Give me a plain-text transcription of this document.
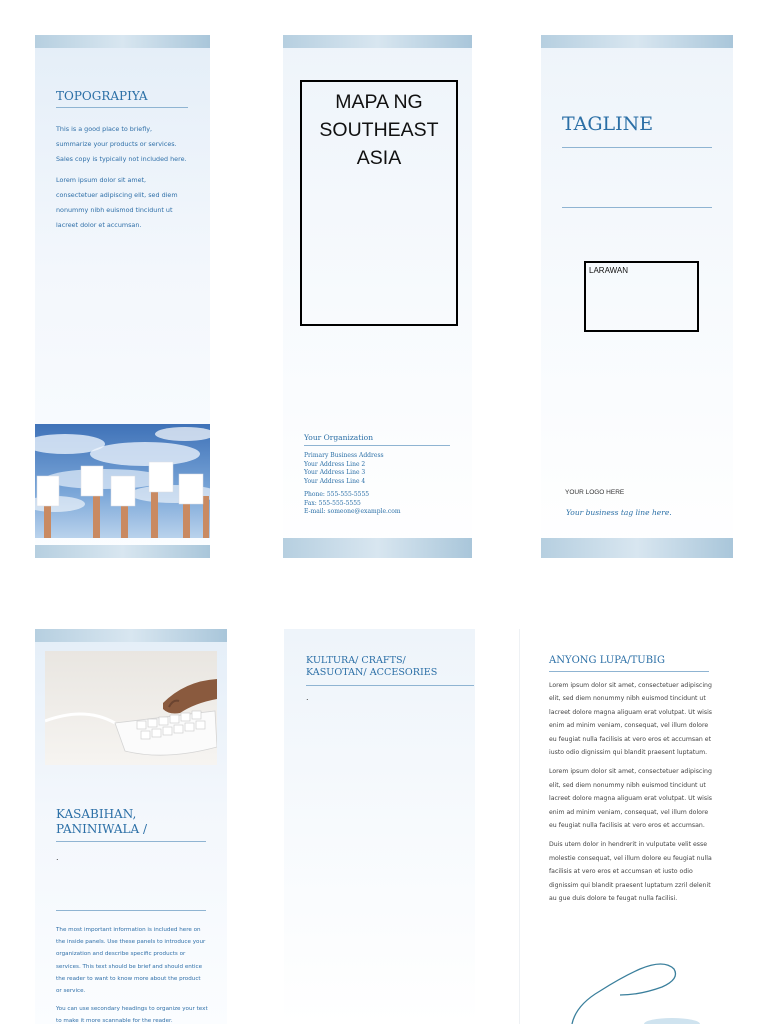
TOPOGRAPIYA

This is a good place to briefly, summarize your products or services. Sales copy is typically not included here.

Lorem ipsum dolor sit amet, consectetuer adipiscing elit, sed diem nonummy nibh euismod tincidunt ut lacreet dolor et accumsan.

MAPA NG SOUTHEAST ASIA
Your Organization
Primary Business Address
Your Address Line 2
Your Address Line 3
Your Address Line 4
Phone: 555-555-5555
Fax: 555-555-5555
E-mail: someone@example.com
TAGLINE
LARAWAN
YOUR LOGO HERE
Your business tag line here.
KASABIHAN,
PANINIWALA /
.

The most important information is included here on the inside panels. Use these panels to introduce your organization and describe specific products or services. This text should be brief and should entice the reader to want to know more about the product or service.

You can use secondary headings to organize your text to make it more scannable for the reader.

KULTURA/ CRAFTS/
KASUOTAN/ ACCESORIES
.
ANYONG LUPA/TUBIG

Lorem ipsum dolor sit amet, consectetuer adipiscing elit, sed diem nonummy nibh euismod tincidunt ut lacreet dolore magna aliguam erat volutpat. Ut wisis enim ad minim veniam, consequat, vel illum dolore eu feugiat nulla facilisis at vero eros et accumsan et iusto odio dignissim qui blandit praesent luptatum.

Lorem ipsum dolor sit amet, consectetuer adipiscing elit, sed diem nonummy nibh euismod tincidunt ut lacreet dolore magna aliguam erat volutpat. Ut wisis enim ad minim veniam, consequat, vel illum dolore eu feugiat nulla facilisis at vero eros et accumsan.

Duis utem dolor in hendrerit in vulputate velit esse molestie consequat, vel illum dolore eu feugiat nulla facilisis at vero eros et accumsan et iusto odio dignissim qui blandit praesent luptatum zzril delenit au gue duis dolore te feugat nulla facilisi.
